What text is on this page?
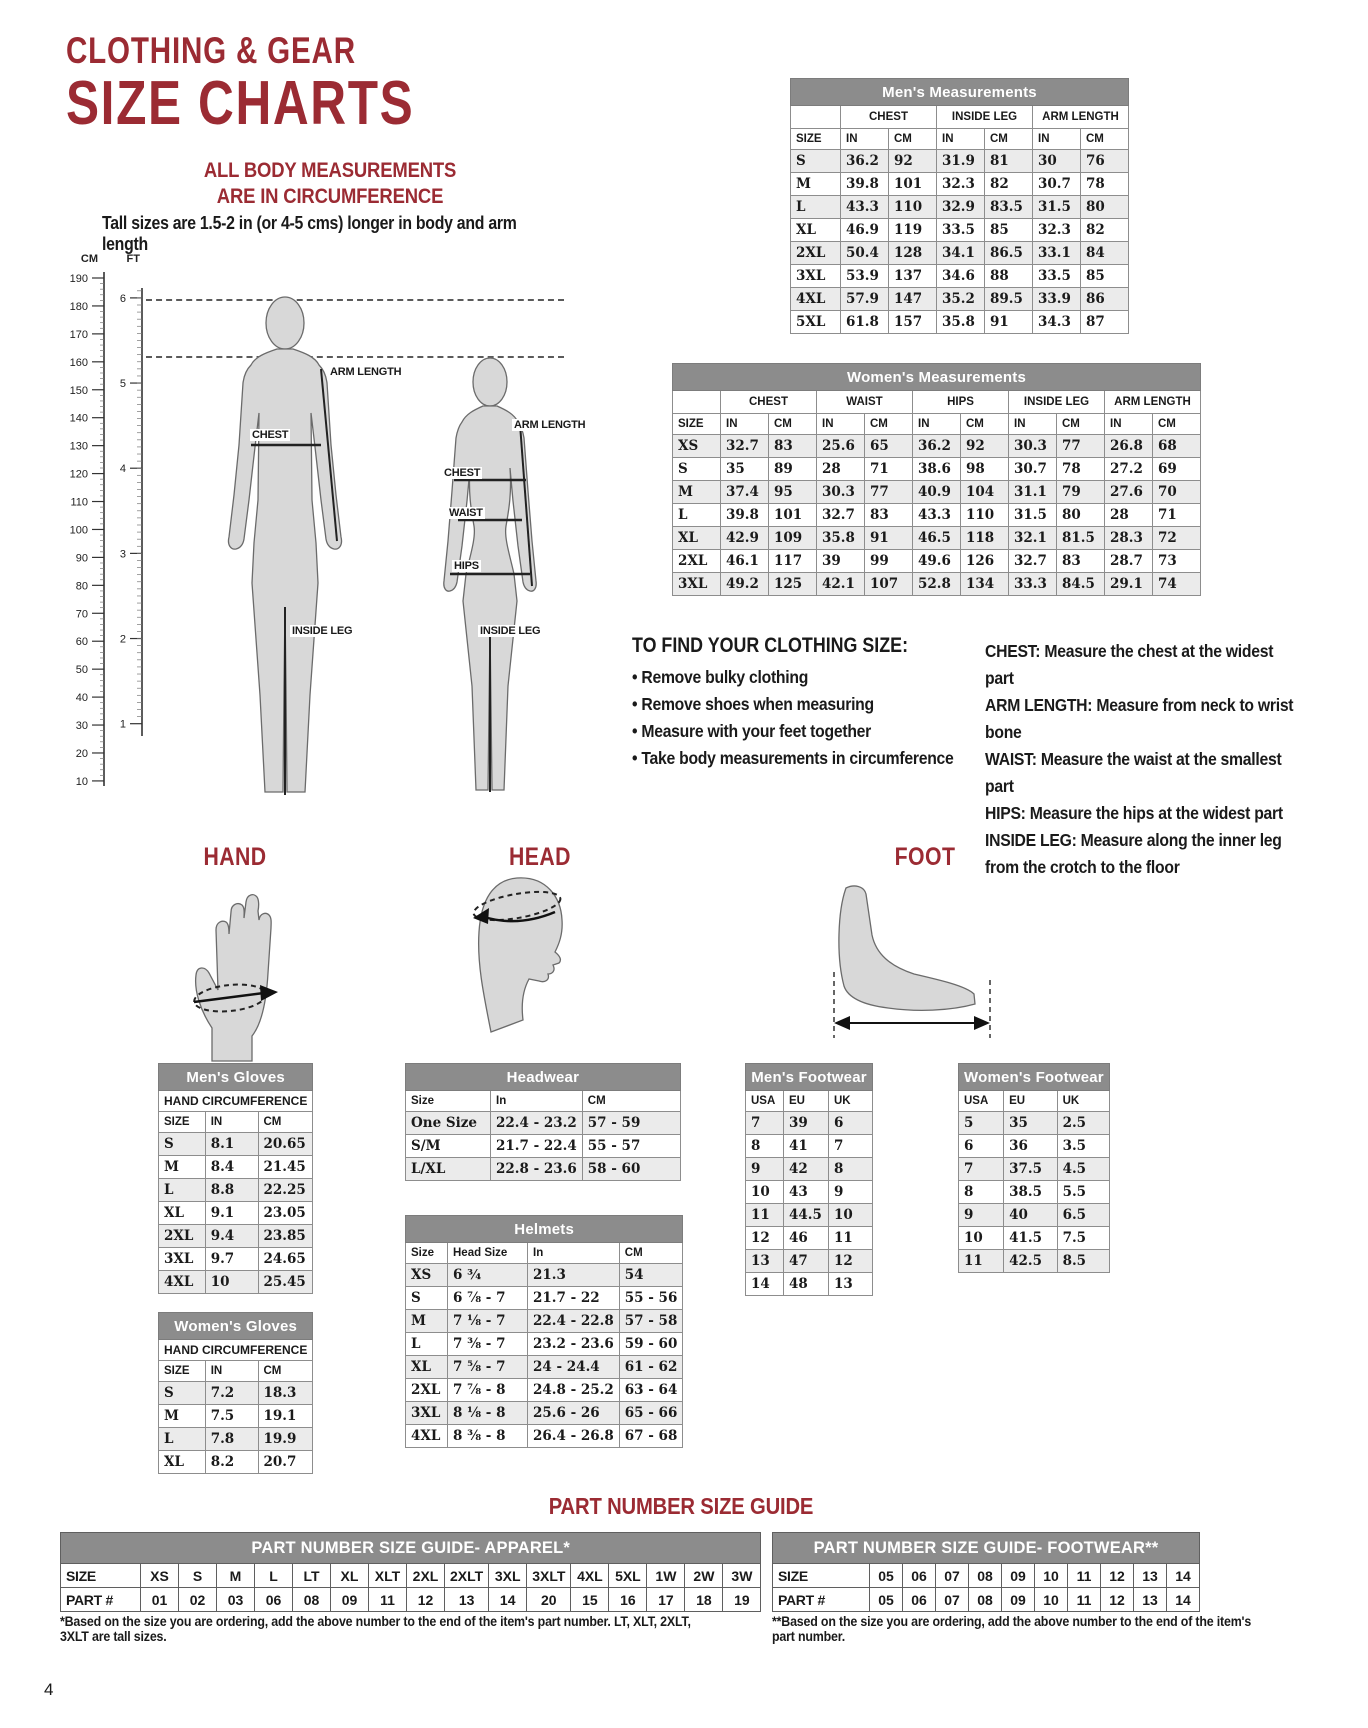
CLOTHING & GEAR
SIZE CHARTS
ALL BODY MEASUREMENTS
ARE IN CIRCUMFERENCE
Tall sizes are 1.5-2 in (or 4-5 cms) longer in body and arm length
CM	FT
190
180
170
160
150
140
130
120
110
100
90
80
70
60
50
40
30
20
10
6
5
4
3
2
1
ARM LENGTH
CHEST
INSIDE LEG
ARM LENGTH
CHEST
WAIST
HIPS
INSIDE LEG
Men's Measurements						
	CHEST		INSIDE LEG		ARM LENGTH	
SIZE	IN	CM	IN	CM	IN	CM
S	36.2	92	31.9	81	30	76
M	39.8	101	32.3	82	30.7	78
L	43.3	110	32.9	83.5	31.5	80
XL	46.9	119	33.5	85	32.3	82
2XL	50.4	128	34.1	86.5	33.1	84
3XL	53.9	137	34.6	88	33.5	85
4XL	57.9	147	35.2	89.5	33.9	86
5XL	61.8	157	35.8	91	34.3	87
Women's Measurements										
	CHEST		WAIST		HIPS		INSIDE LEG		ARM LENGTH	
SIZE	IN	CM	IN	CM	IN	CM	IN	CM	IN	CM
XS	32.7	83	25.6	65	36.2	92	30.3	77	26.8	68
S	35	89	28	71	38.6	98	30.7	78	27.2	69
M	37.4	95	30.3	77	40.9	104	31.1	79	27.6	70
L	39.8	101	32.7	83	43.3	110	31.5	80	28	71
XL	42.9	109	35.8	91	46.5	118	32.1	81.5	28.3	72
2XL	46.1	117	39	99	49.6	126	32.7	83	28.7	73
3XL	49.2	125	42.1	107	52.8	134	33.3	84.5	29.1	74
TO FIND YOUR CLOTHING SIZE:
• Remove bulky clothing
• Remove shoes when measuring
• Measure with your feet together
• Take body measurements in circumference
CHEST: Measure the chest at the widest part
ARM LENGTH: Measure from neck to wrist bone
WAIST: Measure the waist at the smallest part
HIPS: Measure the hips at the widest part
INSIDE LEG: Measure along the inner leg from the crotch to the floor
HAND	HEAD	FOOT
Men's Gloves		
HAND CIRCUMFERENCE		
SIZE	IN	CM
S	8.1	20.65
M	8.4	21.45
L	8.8	22.25
XL	9.1	23.05
2XL	9.4	23.85
3XL	9.7	24.65
4XL	10	25.45
Women's Gloves		
HAND CIRCUMFERENCE		
SIZE	IN	CM
S	7.2	18.3
M	7.5	19.1
L	7.8	19.9
XL	8.2	20.7
Headwear		
Size	In	CM
One Size	22.4 - 23.2	57 - 59
S/M	21.7 - 22.4	55 - 57
L/XL	22.8 - 23.6	58 - 60
Helmets			
Size	Head Size	In	CM
XS	6 ¾	21.3	54
S	6 ⅞ - 7	21.7 - 22	55 - 56
M	7 ⅛ - 7	22.4 - 22.8	57 - 58
L	7 ⅜ - 7	23.2 - 23.6	59 - 60
XL	7 ⅝ - 7	24 - 24.4	61 - 62
2XL	7 ⅞ - 8	24.8 - 25.2	63 - 64
3XL	8 ⅛ - 8	25.6 - 26	65 - 66
4XL	8 ⅜ - 8	26.4 - 26.8	67 - 68
Men's Footwear		
USA	EU	UK
7	39	6
8	41	7
9	42	8
10	43	9
11	44.5	10
12	46	11
13	47	12
14	48	13
Women's Footwear		
USA	EU	UK
5	35	2.5
6	36	3.5
7	37.5	4.5
8	38.5	5.5
9	40	6.5
10	41.5	7.5
11	42.5	8.5
PART NUMBER SIZE GUIDE
PART NUMBER SIZE GUIDE- APPAREL*																
SIZE	XS	S	M	L	LT	XL	XLT	2XL	2XLT	3XL	3XLT	4XL	5XL	1W	2W	3W
PART #	01	02	03	06	08	09	11	12	13	14	20	15	16	17	18	19
*Based on the size you are ordering, add the above number to the end of the item's part number. LT, XLT, 2XLT, 3XLT are tall sizes.
PART NUMBER SIZE GUIDE- FOOTWEAR**										
SIZE	05	06	07	08	09	10	11	12	13	14
PART #	05	06	07	08	09	10	11	12	13	14
**Based on the size you are ordering, add the above number to the end of the item's part number.
4
